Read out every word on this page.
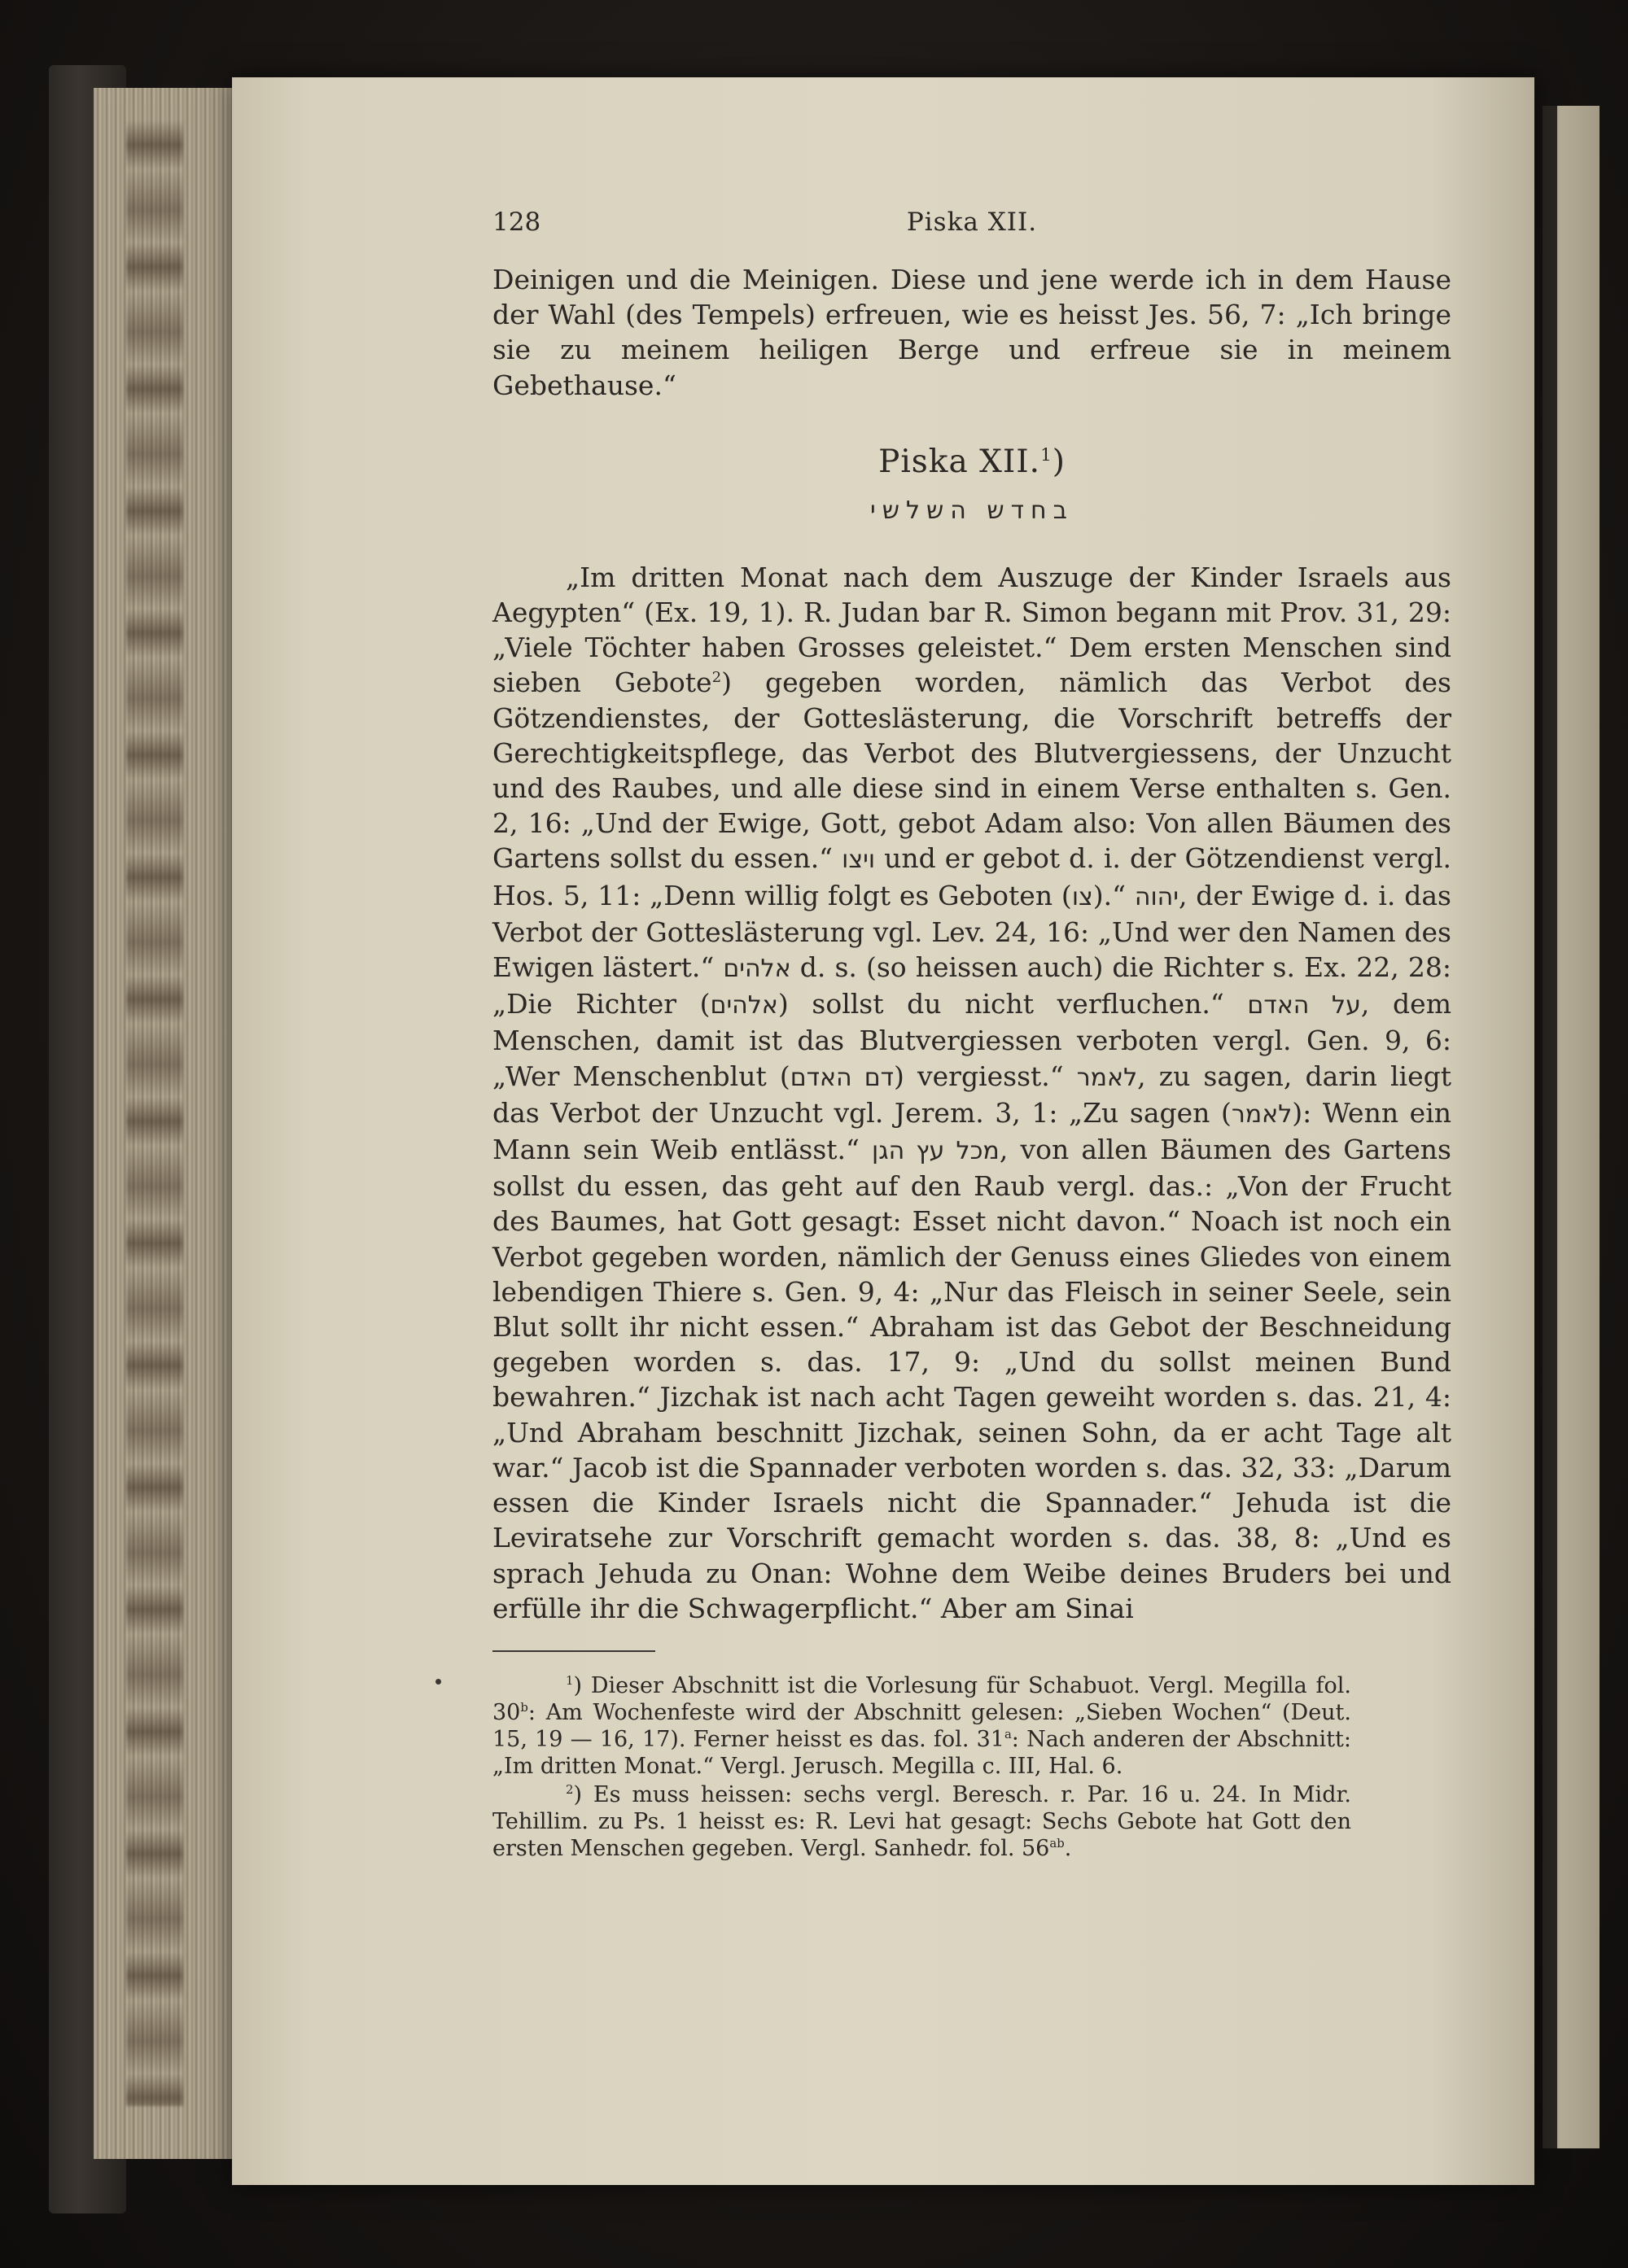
128	Piska XII.

Deinigen und die Meinigen. Diese und jene werde ich in dem Hause der Wahl (des Tempels) erfreuen, wie es heisst Jes. 56, 7: „Ich bringe sie zu meinem heiligen Berge und erfreue sie in meinem Gebethause.“

Piska XII.$^1$)
בחדש השלשי

„Im dritten Monat nach dem Auszuge der Kinder Israels aus Aegypten“ (Ex. 19, 1). R. Judan bar R. Simon begann mit Prov. 31, 29: „Viele Töchter haben Grosses geleistet.“ Dem ersten Menschen sind sieben Gebote$^2$) gegeben worden, nämlich das Verbot des Götzendienstes, der Gotteslästerung, die Vorschrift betreffs der Gerechtigkeitspflege, das Verbot des Blutvergiessens, der Unzucht und des Raubes, und alle diese sind in einem Verse enthalten s. Gen. 2, 16: „Und der Ewige, Gott, gebot Adam also: Von allen Bäumen des Gartens sollst du essen.“ ויצו und er gebot d. i. der Götzendienst vergl. Hos. 5, 11: „Denn willig folgt es Geboten (צו).“ יהוה, der Ewige d. i. das Verbot der Gotteslästerung vgl. Lev. 24, 16: „Und wer den Namen des Ewigen lästert.“ אלהים d. s. (so heissen auch) die Richter s. Ex. 22, 28: „Die Richter (אלהים) sollst du nicht verfluchen.“ על האדם, dem Menschen, damit ist das Blutvergiessen verboten vergl. Gen. 9, 6: „Wer Menschenblut (דם האדם) vergiesst.“ לאמר, zu sagen, darin liegt das Verbot der Unzucht vgl. Jerem. 3, 1: „Zu sagen (לאמר): Wenn ein Mann sein Weib entlässt.“ מכל עץ הגן, von allen Bäumen des Gartens sollst du essen, das geht auf den Raub vergl. das.: „Von der Frucht des Baumes, hat Gott gesagt: Esset nicht davon.“ Noach ist noch ein Verbot gegeben worden, nämlich der Genuss eines Gliedes von einem lebendigen Thiere s. Gen. 9, 4: „Nur das Fleisch in seiner Seele, sein Blut sollt ihr nicht essen.“ Abraham ist das Gebot der Beschneidung gegeben worden s. das. 17, 9: „Und du sollst meinen Bund bewahren.“ Jizchak ist nach acht Tagen geweiht worden s. das. 21, 4: „Und Abraham beschnitt Jizchak, seinen Sohn, da er acht Tage alt war.“ Jacob ist die Spannader verboten worden s. das. 32, 33: „Darum essen die Kinder Israels nicht die Spannader.“ Jehuda ist die Leviratsehe zur Vorschrift gemacht worden s. das. 38, 8: „Und es sprach Jehuda zu Onan: Wohne dem Weibe deines Bruders bei und erfülle ihr die Schwagerpflicht.“ Aber am Sinai

$^1$) Dieser Abschnitt ist die Vorlesung für Schabuot. Vergl. Megilla fol. 30$^b$: Am Wochenfeste wird der Abschnitt gelesen: „Sieben Wochen“ (Deut. 15, 19 — 16, 17). Ferner heisst es das. fol. 31$^a$: Nach anderen der Abschnitt: „Im dritten Monat.“ Vergl. Jerusch. Megilla c. III, Hal. 6.

$^2$) Es muss heissen: sechs vergl. Beresch. r. Par. 16 u. 24. In Midr. Tehillim. zu Ps. 1 heisst es: R. Levi hat gesagt: Sechs Gebote hat Gott den ersten Menschen gegeben. Vergl. Sanhedr. fol. $56^{ab}$.
